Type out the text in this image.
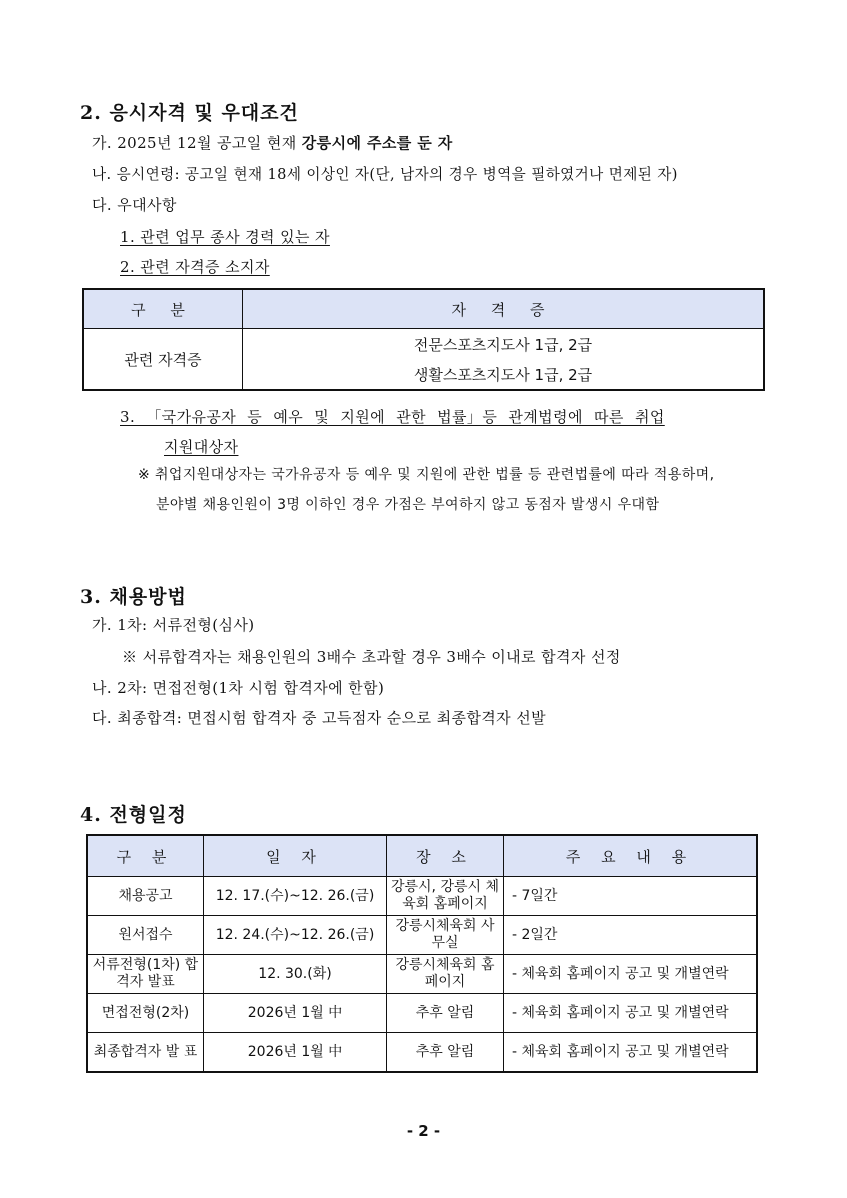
2. 응시자격 및 우대조건
가. 2025년 12월 공고일 현재 강릉시에 주소를 둔 자
나. 응시연령: 공고일 현재 18세 이상인 자(단, 남자의 경우 병역을 필하였거나 면제된 자)
다. 우대사항
1. 관련 업무 종사 경력 있는 자
2. 관련 자격증 소지자
구 분	자 격 증
관련 자격증	전문스포츠지도사 1급, 2급
	생활스포츠지도사 1급, 2급
3. 「국가유공자 등 예우 및 지원에 관한 법률」등 관계법령에 따른 취업
지원대상자
※ 취업지원대상자는 국가유공자 등 예우 및 지원에 관한 법률 등 관련법률에 따라 적용하며,
분야별 채용인원이 3명 이하인 경우 가점은 부여하지 않고 동점자 발생시 우대함
3. 채용방법
가. 1차: 서류전형(심사)
※ 서류합격자는 채용인원의 3배수 초과할 경우 3배수 이내로 합격자 선정
나. 2차: 면접전형(1차 시험 합격자에 한함)
다. 최종합격: 면접시험 합격자 중 고득점자 순으로 최종합격자 선발
4. 전형일정
구 분	일 자	장 소	주 요 내 용
채용공고	12. 17.(수)~12. 26.(금)	강릉시, 강릉시 체육회 홈페이지	- 7일간
원서접수	12. 24.(수)~12. 26.(금)	강릉시체육회 사무실	- 2일간
서류전형(1차) 합격자 발표	12. 30.(화)	강릉시체육회 홈페이지	- 체육회 홈페이지 공고 및 개별연락
면접전형(2차)	2026년 1월 中	추후 알림	- 체육회 홈페이지 공고 및 개별연락
최종합격자 발 표	2026년 1월 中	추후 알림	- 체육회 홈페이지 공고 및 개별연락
- 2 -
